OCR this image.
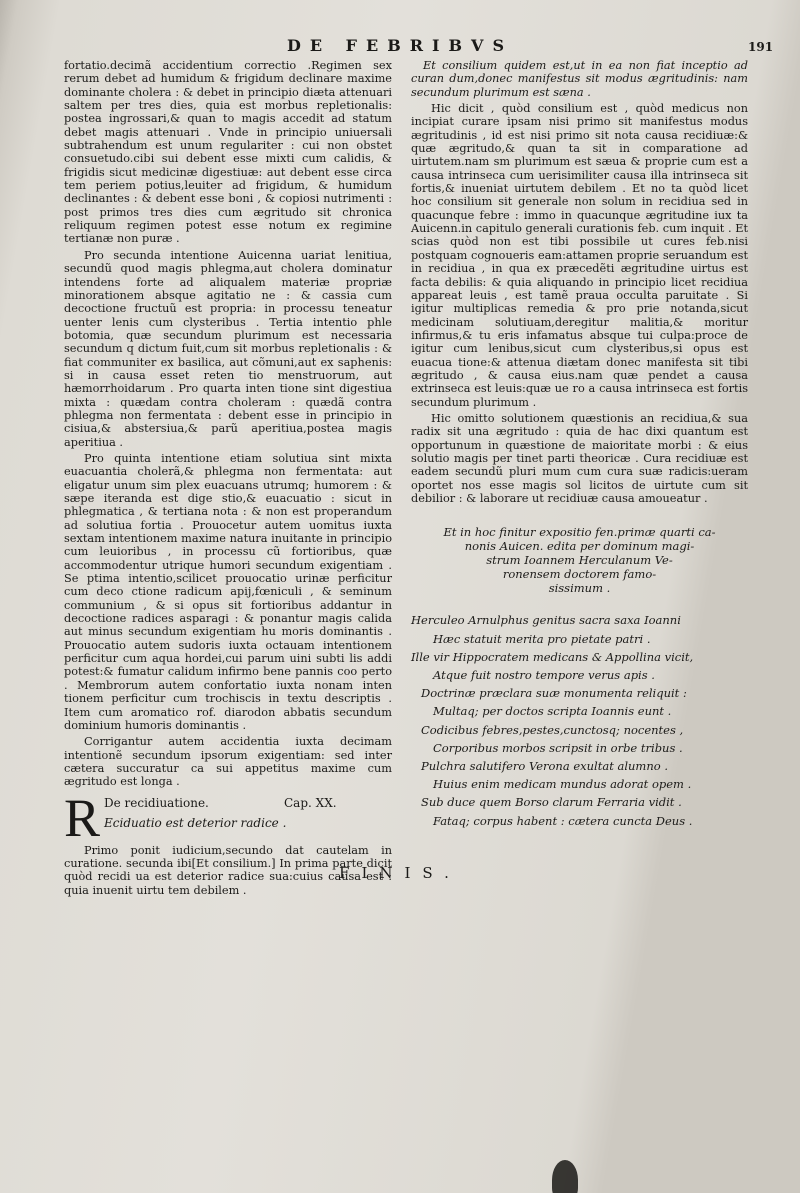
DE FEBRIBVS	191

fortatio.decimã accidentium correctio .Regimen sex rerum debet ad humidum & frigidum declinare maxime dominante cholera : & debet in principio diæta attenuari saltem per tres dies, quia est morbus repletionalis: postea ingrossari,& quan to magis accedit ad statum debet magis attenuari . Vnde in principio uniuersali subtrahendum est unum regulariter : cui non obstet consuetudo.cibi sui debent esse mixti cum calidis, & frigidis sicut medicinæ digestiuæ: aut debent esse circa tem periem potius,leuiter ad frigidum, & humidum declinantes : & debent esse boni , & copiosi nutrimenti : post primos tres dies cum ægritudo sit chronica reliquum regimen potest esse notum ex regimine tertianæ non puræ .

Pro secunda intentione Auicenna uariat lenitiua, secundũ quod magis phlegma,aut cholera dominatur intendens forte ad aliqualem materiæ propriæ minorationem absque agitatio ne : & cassia cum decoctione fructuũ est propria: in processu teneatur uenter lenis cum clysteribus . Tertia intentio phle botomia, quæ secundum plurimum est necessaria secundum q dictum fuit,cum sit morbus repletionalis : & fiat communiter ex basilica, aut cõmuni,aut ex saphenis: si in causa esset reten tio menstruorum, aut hæmorrhoidarum . Pro quarta inten tione sint digestiua mixta : quædam contra choleram : quædã contra phlegma non fermentata : debent esse in principio in cisiua,& abstersiua,& parũ aperitiua,postea magis aperitiua .

Pro quinta intentione etiam solutiua sint mixta euacuantia cholerã,& phlegma non fermentata: aut eligatur unum sim plex euacuans utrumq; humorem : & sæpe iteranda est dige stio,& euacuatio : sicut in phlegmatica , & tertiana nota : & non est properandum ad solutiua fortia . Prouocetur autem uomitus iuxta sextam intentionem maxime natura inuitante in principio cum leuioribus , in processu cũ fortioribus, quæ accommodentur utrique humori secundum exigentiam . Se ptima intentio,scilicet prouocatio urinæ perficitur cum deco ctione radicum apij,fœniculi , & seminum communium , & si opus sit fortioribus addantur in decoctione radices asparagi : & ponantur magis calida aut minus secundum exigentiam hu moris dominantis . Prouocatio autem sudoris iuxta octauam intentionem perficitur cum aqua hordei,cui parum uini subti lis addi potest:& fumatur calidum infirmo bene pannis coo perto . Membrorum autem confortatio iuxta nonam inten tionem perficitur cum trochiscis in textu descriptis . Item cum aromatico rof. diarodon abbatis secundum dominium humoris dominantis .

Corrigantur autem accidentia iuxta decimam intentionẽ secundum ipsorum exigentiam: sed inter cætera succuratur ca sui appetitus maxime cum ægritudo est longa .

R De recidiuatione.	Cap. XX.
Eciduatio est deterior radice .

Primo ponit iudicium,secundo dat cautelam in curatione. secunda ibi[Et consilium.] In prima parte dicit quòd recidi ua est deterior radice sua:cuius causa est : quia inuenit uirtu tem debilem .

Et consilium quidem est,ut in ea non fiat inceptio ad curan dum,donec manifestus sit modus ægritudinis: nam secundum plurimum est sæna .

Hic dicit , quòd consilium est , quòd medicus non incipiat curare ipsam nisi primo sit manifestus modus ægritudinis , id est nisi primo sit nota causa recidiuæ:& quæ ægritudo,& quan ta sit in comparatione ad uirtutem.nam sm plurimum est sæua & proprie cum est a causa intrinseca cum uerisimiliter causa illa intrinseca sit fortis,& inueniat uirtutem debilem . Et no ta quòd licet hoc consilium sit generale non solum in recidiua sed in quacunque febre : immo in quacunque ægritudine iux ta Auicenn.in capitulo generali curationis feb. cum inquit . Et scias quòd non est tibi possibile ut cures feb.nisi postquam cognoueris eam:attamen proprie seruandum est in recidiua , in qua ex præcedẽti ægritudine uirtus est facta debilis: & quia aliquando in principio licet recidiua appareat leuis , est tamẽ praua occulta paruitate . Si igitur multiplicas remedia & pro prie notanda,sicut medicinam solutiuam,deregitur malitia,& moritur infirmus,& tu eris infamatus absque tui culpa:proce de igitur cum lenibus,sicut cum clysteribus,si opus est euacua tione:& attenua diætam donec manifesta sit tibi ægritudo , & causa eius.nam quæ pendet a causa extrinseca est leuis:quæ ue ro a causa intrinseca est fortis secundum plurimum .

Hic omitto solutionem quæstionis an recidiua,& sua radix sit una ægritudo : quia de hac dixi quantum est opportunum in quæstione de maioritate morbi : & eius solutio magis per tinet parti theoricæ . Cura recidiuæ est eadem secundũ pluri mum cum cura suæ radicis:ueram oportet nos esse magis sol licitos de uirtute cum sit debilior : & laborare ut recidiuæ causa amoueatur .

Et in hoc finitur expositio fen.primæ quarti ca-
nonis Auicen. edita per dominum magi-
strum Ioannem Herculanum Ve-
ronensem doctorem famo-
sissimum .
Herculeo Arnulphus genitus sacra saxa Ioanni
Hæc statuit merita pro pietate patri .
Ille vir Hippocratem medicans & Appollina vicit,
Atque fuit nostro tempore verus apis .
Doctrinæ præclara suæ monumenta reliquit :
Multaq; per doctos scripta Ioannis eunt .
Codicibus febres,pestes,cunctosq; nocentes ,
Corporibus morbos scripsit in orbe tribus .
Pulchra salutifero Verona exultat alumno .
Huius enim medicam mundus adorat opem .
Sub duce quem Borso clarum Ferraria vidit .
Fataq; corpus habent : cætera cuncta Deus .
FINIS.
